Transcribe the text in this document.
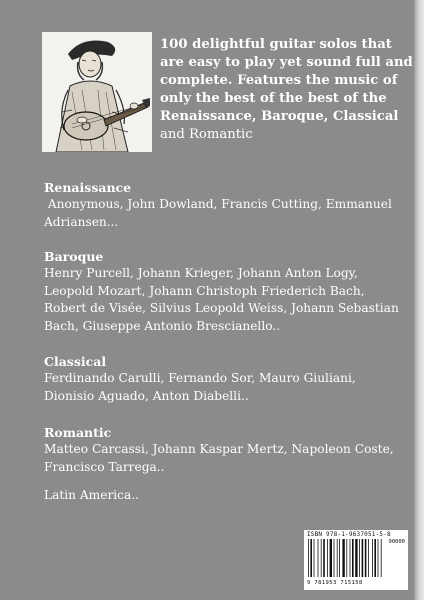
100 delightful guitar solos that are easy to play yet sound full and complete. Features the music of only the best of the best of the Renaissance, Baroque, Classical and Romantic
Renaissance
Anonymous, John Dowland, Francis Cutting, Emmanuel Adriansen...
Baroque
Henry Purcell, Johann Krieger, Johann Anton Logy, Leopold Mozart, Johann Christoph Friederich Bach, Robert de Visée, Silvius Leopold Weiss, Johann Sebastian Bach, Giuseppe Antonio Brescianello..
Classical
Ferdinando Carulli, Fernando Sor, Mauro Giuliani, Dionisio Aguado, Anton Diabelli..
Romantic
Matteo Carcassi, Johann Kaspar Mertz, Napoleon Coste, Francisco Tarrega..
Latin America..
ISBN 978-1-9637051-5-8
9 781953 715158
90000
